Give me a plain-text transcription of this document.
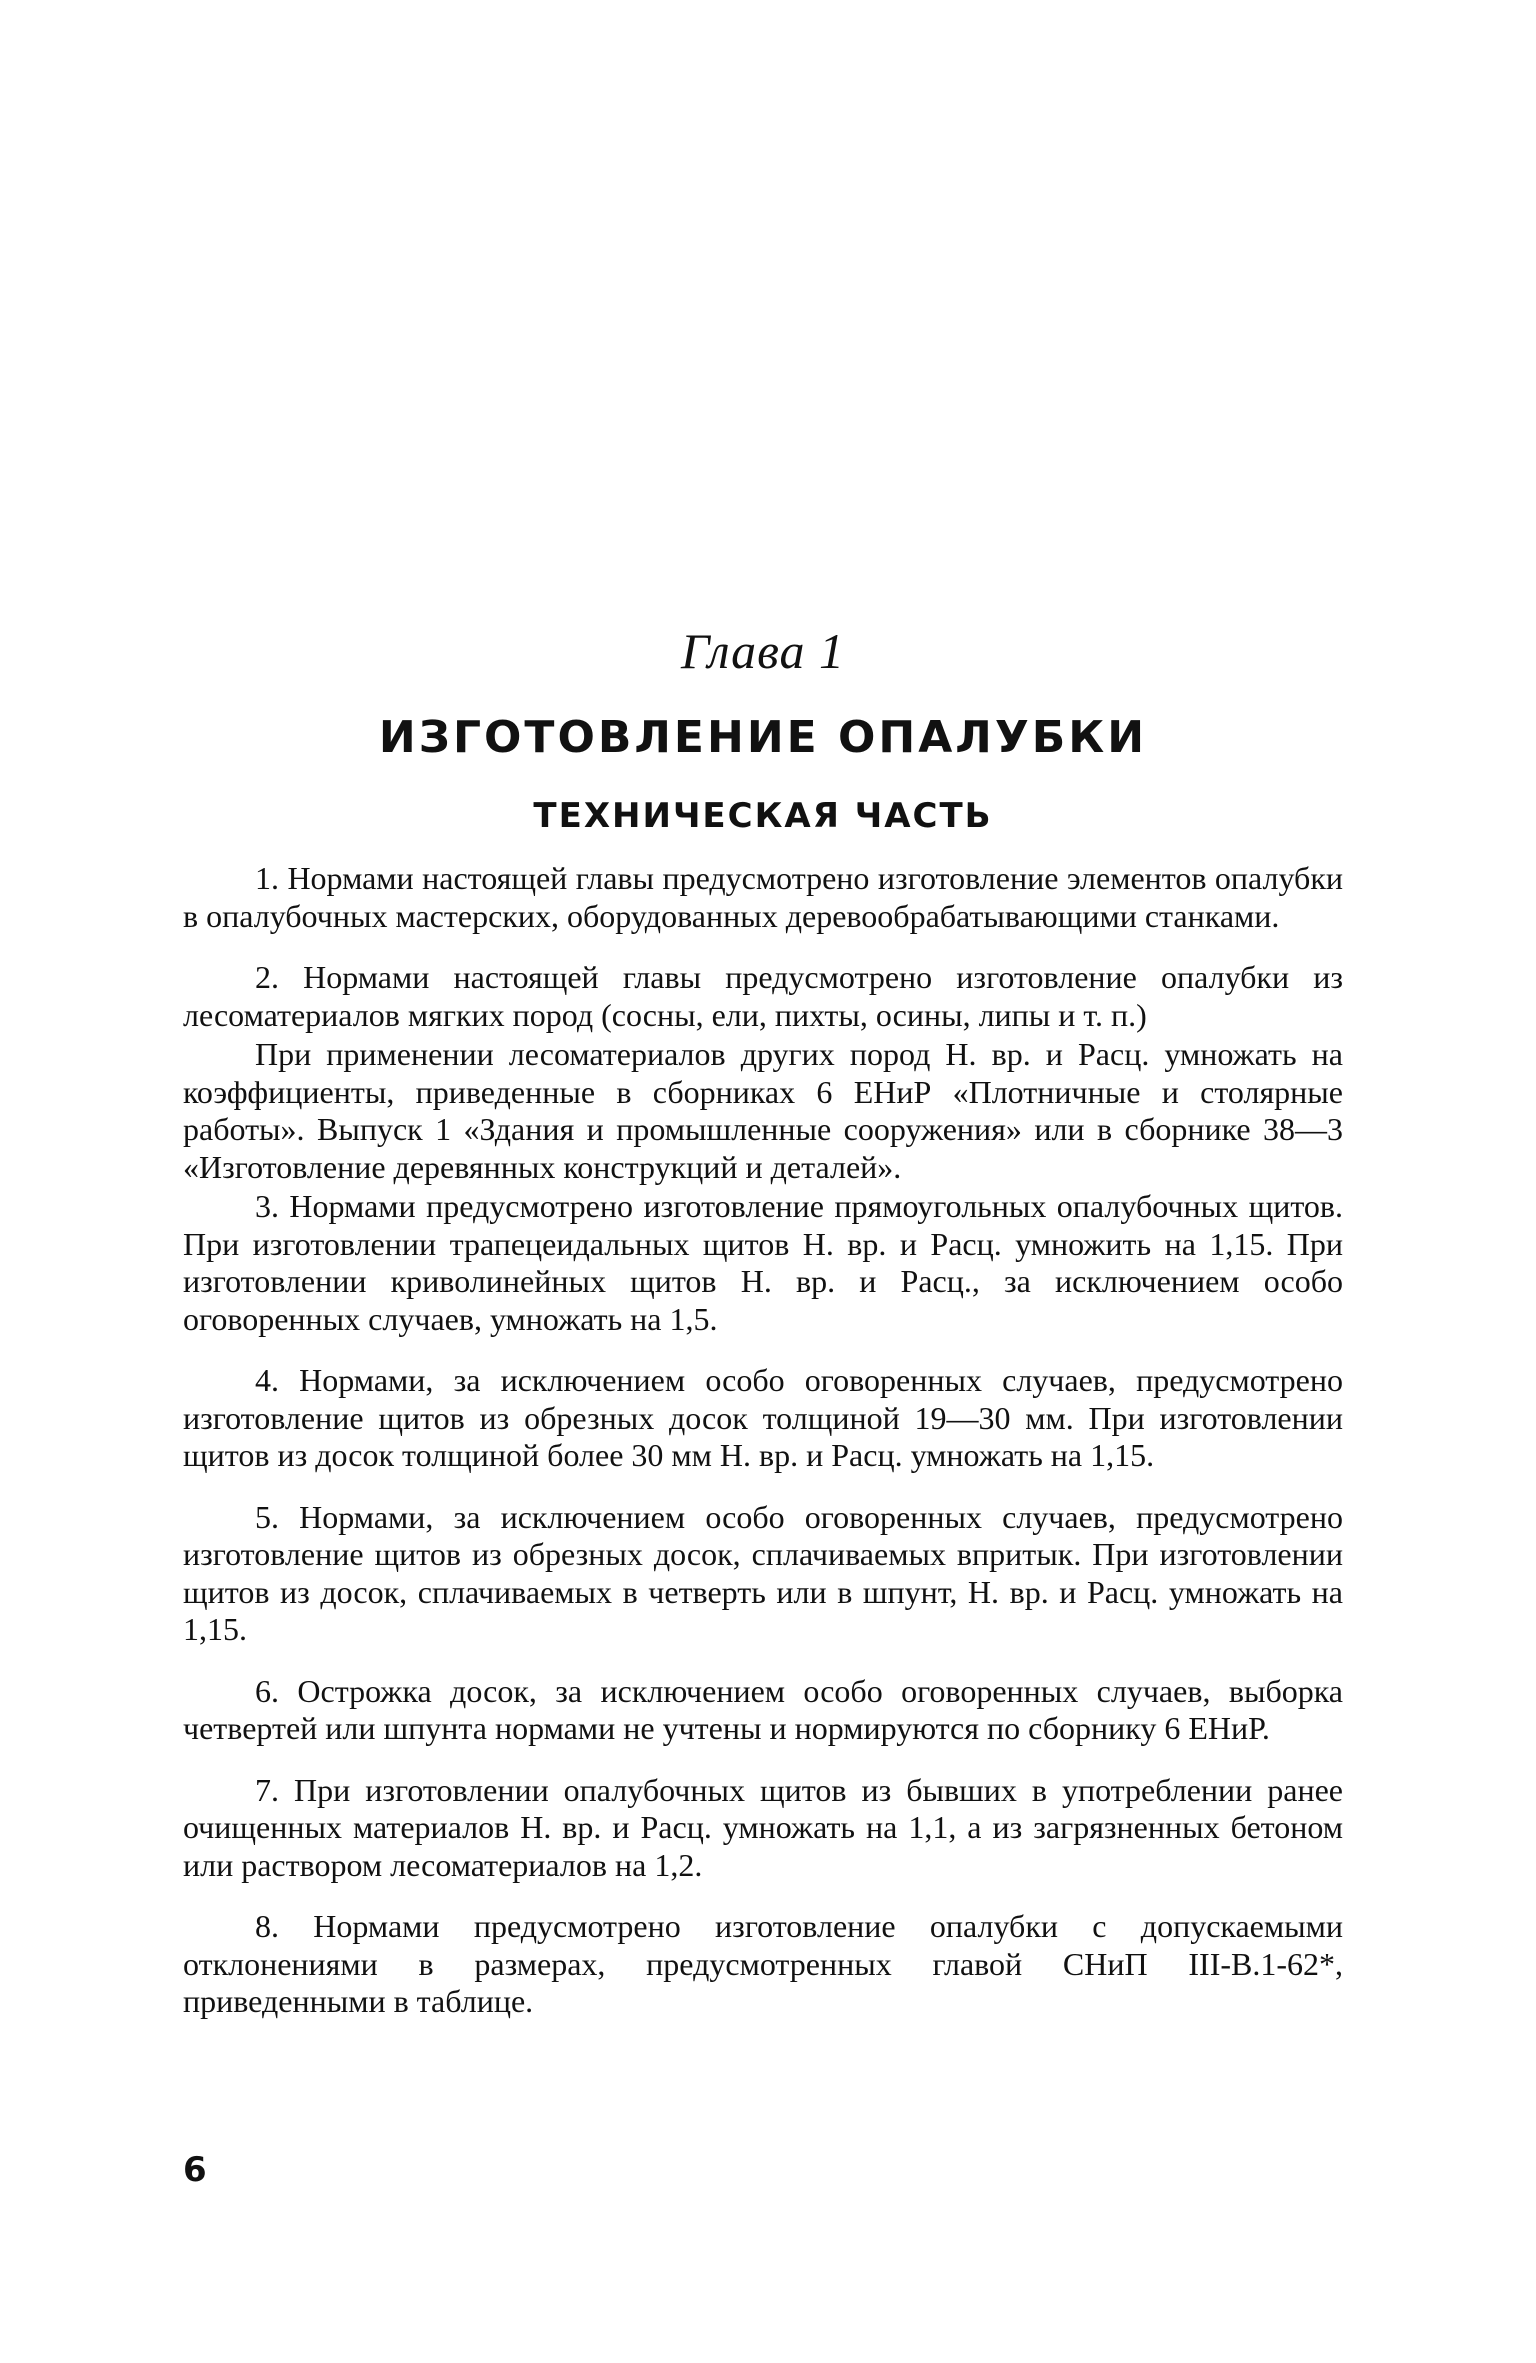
Глава 1
ИЗГОТОВЛЕНИЕ ОПАЛУБКИ
ТЕХНИЧЕСКАЯ ЧАСТЬ

1. Нормами настоящей главы предусмотрено изготовление элементов опалубки в опалубочных мастерских, оборудованных деревообрабатывающими станками.

2. Нормами настоящей главы предусмотрено изготовление опалубки из лесоматериалов мягких пород (сосны, ели, пихты, осины, липы и т. п.)

При применении лесоматериалов других пород Н. вр. и Расц. умножать на коэффициенты, приведенные в сборниках 6 ЕНиР «Плотничные и столярные работы». Выпуск 1 «Здания и промышленные сооружения» или в сборнике 38—3 «Изготовление деревянных конструкций и деталей».

3. Нормами предусмотрено изготовление прямоугольных опалубочных щитов. При изготовлении трапецеидальных щитов Н. вр. и Расц. умножить на 1,15. При изготовлении криволинейных щитов Н. вр. и Расц., за исключением особо оговоренных случаев, умножать на 1,5.

4. Нормами, за исключением особо оговоренных случаев, предусмотрено изготовление щитов из обрезных досок толщиной 19—30 мм. При изготовлении щитов из досок толщиной более 30 мм Н. вр. и Расц. умножать на 1,15.

5. Нормами, за исключением особо оговоренных случаев, предусмотрено изготовление щитов из обрезных досок, сплачиваемых впритык. При изготовлении щитов из досок, сплачиваемых в четверть или в шпунт, Н. вр. и Расц. умножать на 1,15.

6. Острожка досок, за исключением особо оговоренных случаев, выборка четвертей или шпунта нормами не учтены и нормируются по сборнику 6 ЕНиР.

7. При изготовлении опалубочных щитов из бывших в употреблении ранее очищенных материалов Н. вр. и Расц. умножать на 1,1, а из загрязненных бетоном или раствором лесоматериалов на 1,2.

8. Нормами предусмотрено изготовление опалубки с допускаемыми отклонениями в размерах, предусмотренных главой СНиП III-В.1-62*, приведенными в таблице.

6
